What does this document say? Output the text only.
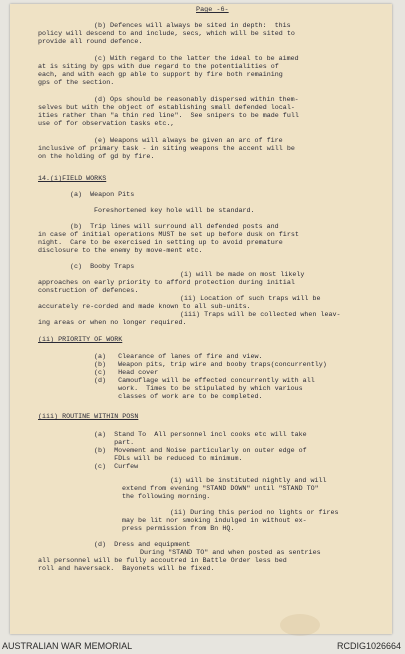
Page -6-
(b) Defences will always be sited in depth:  this
policy will descend to and include, secs, which will be sited to
provide all round defence.
(c) With regard to the latter the ideal to be aimed
at is siting by gps with due regard to the potentialities of
each, and with each gp able to support by fire both remaining
gps of the section.
(d) Ops should be reasonably dispersed within them-
selves but with the object of establishing small defended local-
ities rather than "a thin red line".  See snipers to be made full
use of for observation tasks etc.,
(e) Weapons will always be given an arc of fire
inclusive of primary task - in siting weapons the accent will be
on the holding of gd by fire.
14.(i)FIELD WORKS
(a)  Weapon Pits
Foreshortened key hole will be standard.
(b)  Trip lines will surround all defended posts and
in case of initial operations MUST be set up before dusk on first
night.  Care to be exercised in setting up to avoid premature
disclosure to the enemy by move-ment etc.
(c)  Booby Traps
(i) will be made on most likely
approaches on early priority to afford protection during initial
construction of defences.
(ii) Location of such traps will be
accurately re-corded and made known to all sub-units.
(iii) Traps will be collected when leav-
ing areas or when no longer required.
(ii) PRIORITY OF WORK
(a)   Clearance of lanes of fire and view.
(b)   Weapon pits, trip wire and booby traps(concurrently)
(c)   Head cover
(d)   Camouflage will be effected concurrently with all
work.  Times to be stipulated by which various
classes of work are to be completed.
(iii) ROUTINE WITHIN POSN
(a)  Stand To  All personnel incl cooks etc will take
part.
(b)  Movement and Noise particularly on outer edge of
FDLs will be reduced to minimum.
(c)  Curfew
(i) will be instituted nightly and will
extend from evening "STAND DOWN" until "STAND TO"
the following morning.
(ii) During this period no lights or fires
may be lit nor smoking indulged in without ex-
press permission from Bn HQ.
(d)  Dress and equipment
During "STAND TO" and when posted as sentries
all personnel will be fully accoutred in Battle Order less bed
roll and haversack.  Bayonets will be fixed.
AUSTRALIAN WAR MEMORIAL	RCDIG1026664
